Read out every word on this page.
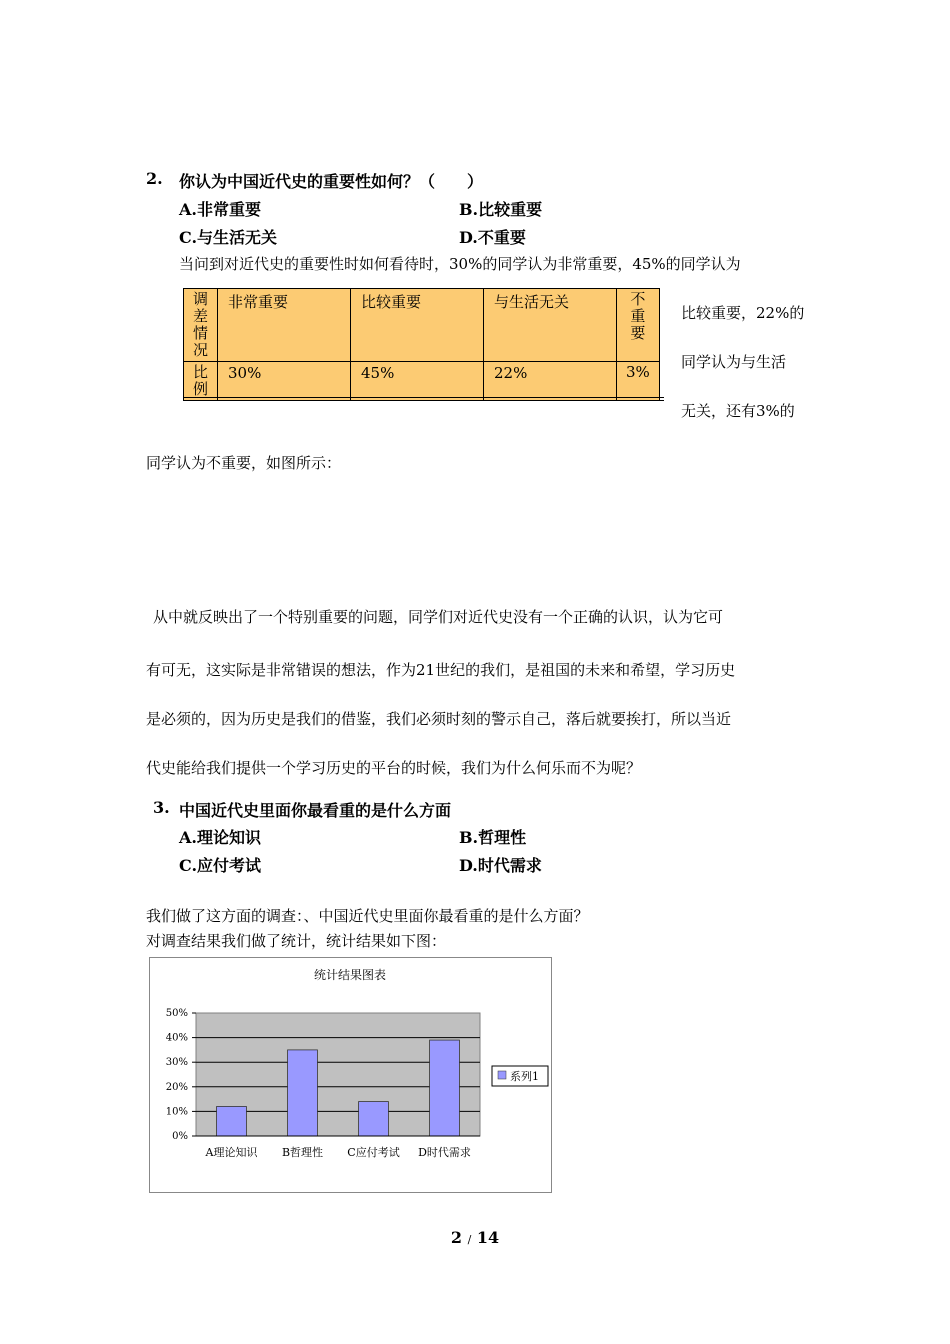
2. 你认为中国近代史的重要性如何？（　　）
A.非常重要	B.比较重要
C.与生活无关	D.不重要
当问到对近代史的重要性时如何看待时，30%的同学认为非常重要，45%的同学认为
调差情况	非常重要	比较重要	与生活无关	不重要
比例	30%	45%	22%	3%
比较重要，22%的
同学认为与生活
无关，还有3%的
同学认为不重要，如图所示：
从中就反映出了一个特别重要的问题，同学们对近代史没有一个正确的认识，认为它可
有可无，这实际是非常错误的想法，作为21世纪的我们，是祖国的未来和希望，学习历史
是必须的，因为历史是我们的借鉴，我们必须时刻的警示自己，落后就要挨打，所以当近
代史能给我们提供一个学习历史的平台的时候，我们为什么何乐而不为呢？
3. 中国近代史里面你最看重的是什么方面
A.理论知识	B.哲理性
C.应付考试	D.时代需求
我们做了这方面的调查：、中国近代史里面你最看重的是什么方面？
对调查结果我们做了统计，统计结果如下图：
统计结果图表
0%
10%
20%
30%
40%
50%
A理论知识 B哲理性 C应付考试 D时代需求
系列1
2 / 14
